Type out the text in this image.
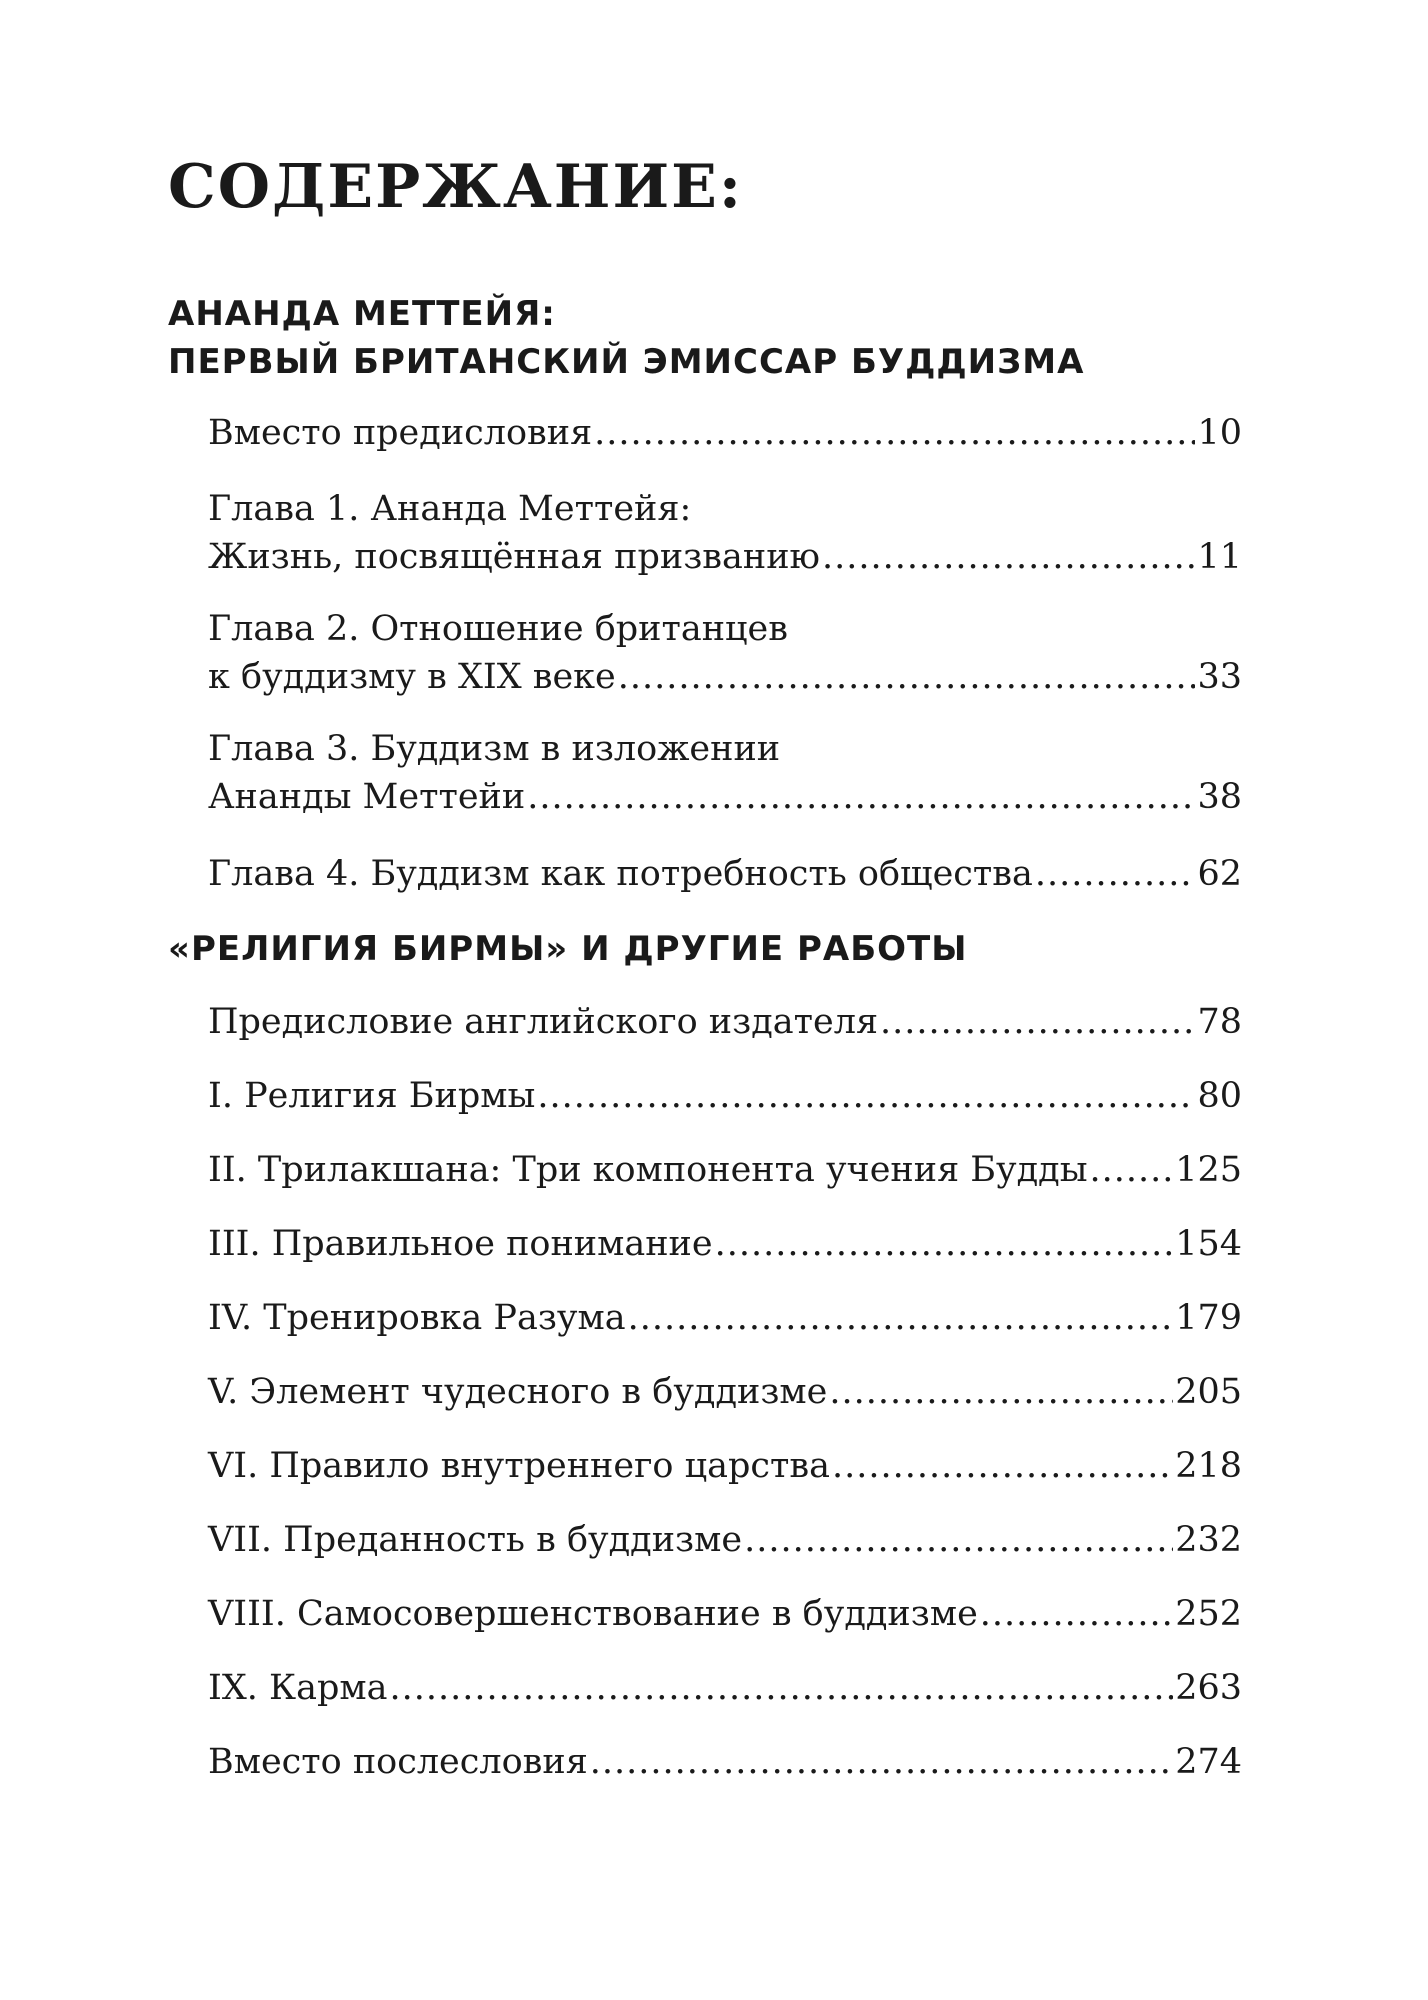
СОДЕРЖАНИЕ:
АНАНДА МЕТТЕЙЯ:
ПЕРВЫЙ БРИТАНСКИЙ ЭМИССАР БУДДИЗМА
Вместо предисловия .....	10
Глава 1. Ананда Меттейя:
Жизнь, посвящённая призванию .....	11
Глава 2. Отношение британцев
к буддизму в XIX веке .....	33
Глава 3. Буддизм в изложении
Ананды Меттейи .....	38
Глава 4. Буддизм как потребность общества .....	62
«РЕЛИГИЯ БИРМЫ» И ДРУГИЕ РАБОТЫ
Предисловие английского издателя .....	78
I. Религия Бирмы .....	80
II. Трилакшана: Три компонента учения Будды .....	125
III. Правильное понимание .....	154
IV. Тренировка Разума .....	179
V. Элемент чудесного в буддизме .....	205
VI. Правило внутреннего царства .....	218
VII. Преданность в буддизме .....	232
VIII. Самосовершенствование в буддизме .....	252
IX. Карма .....	263
Вместо послесловия .....	274
